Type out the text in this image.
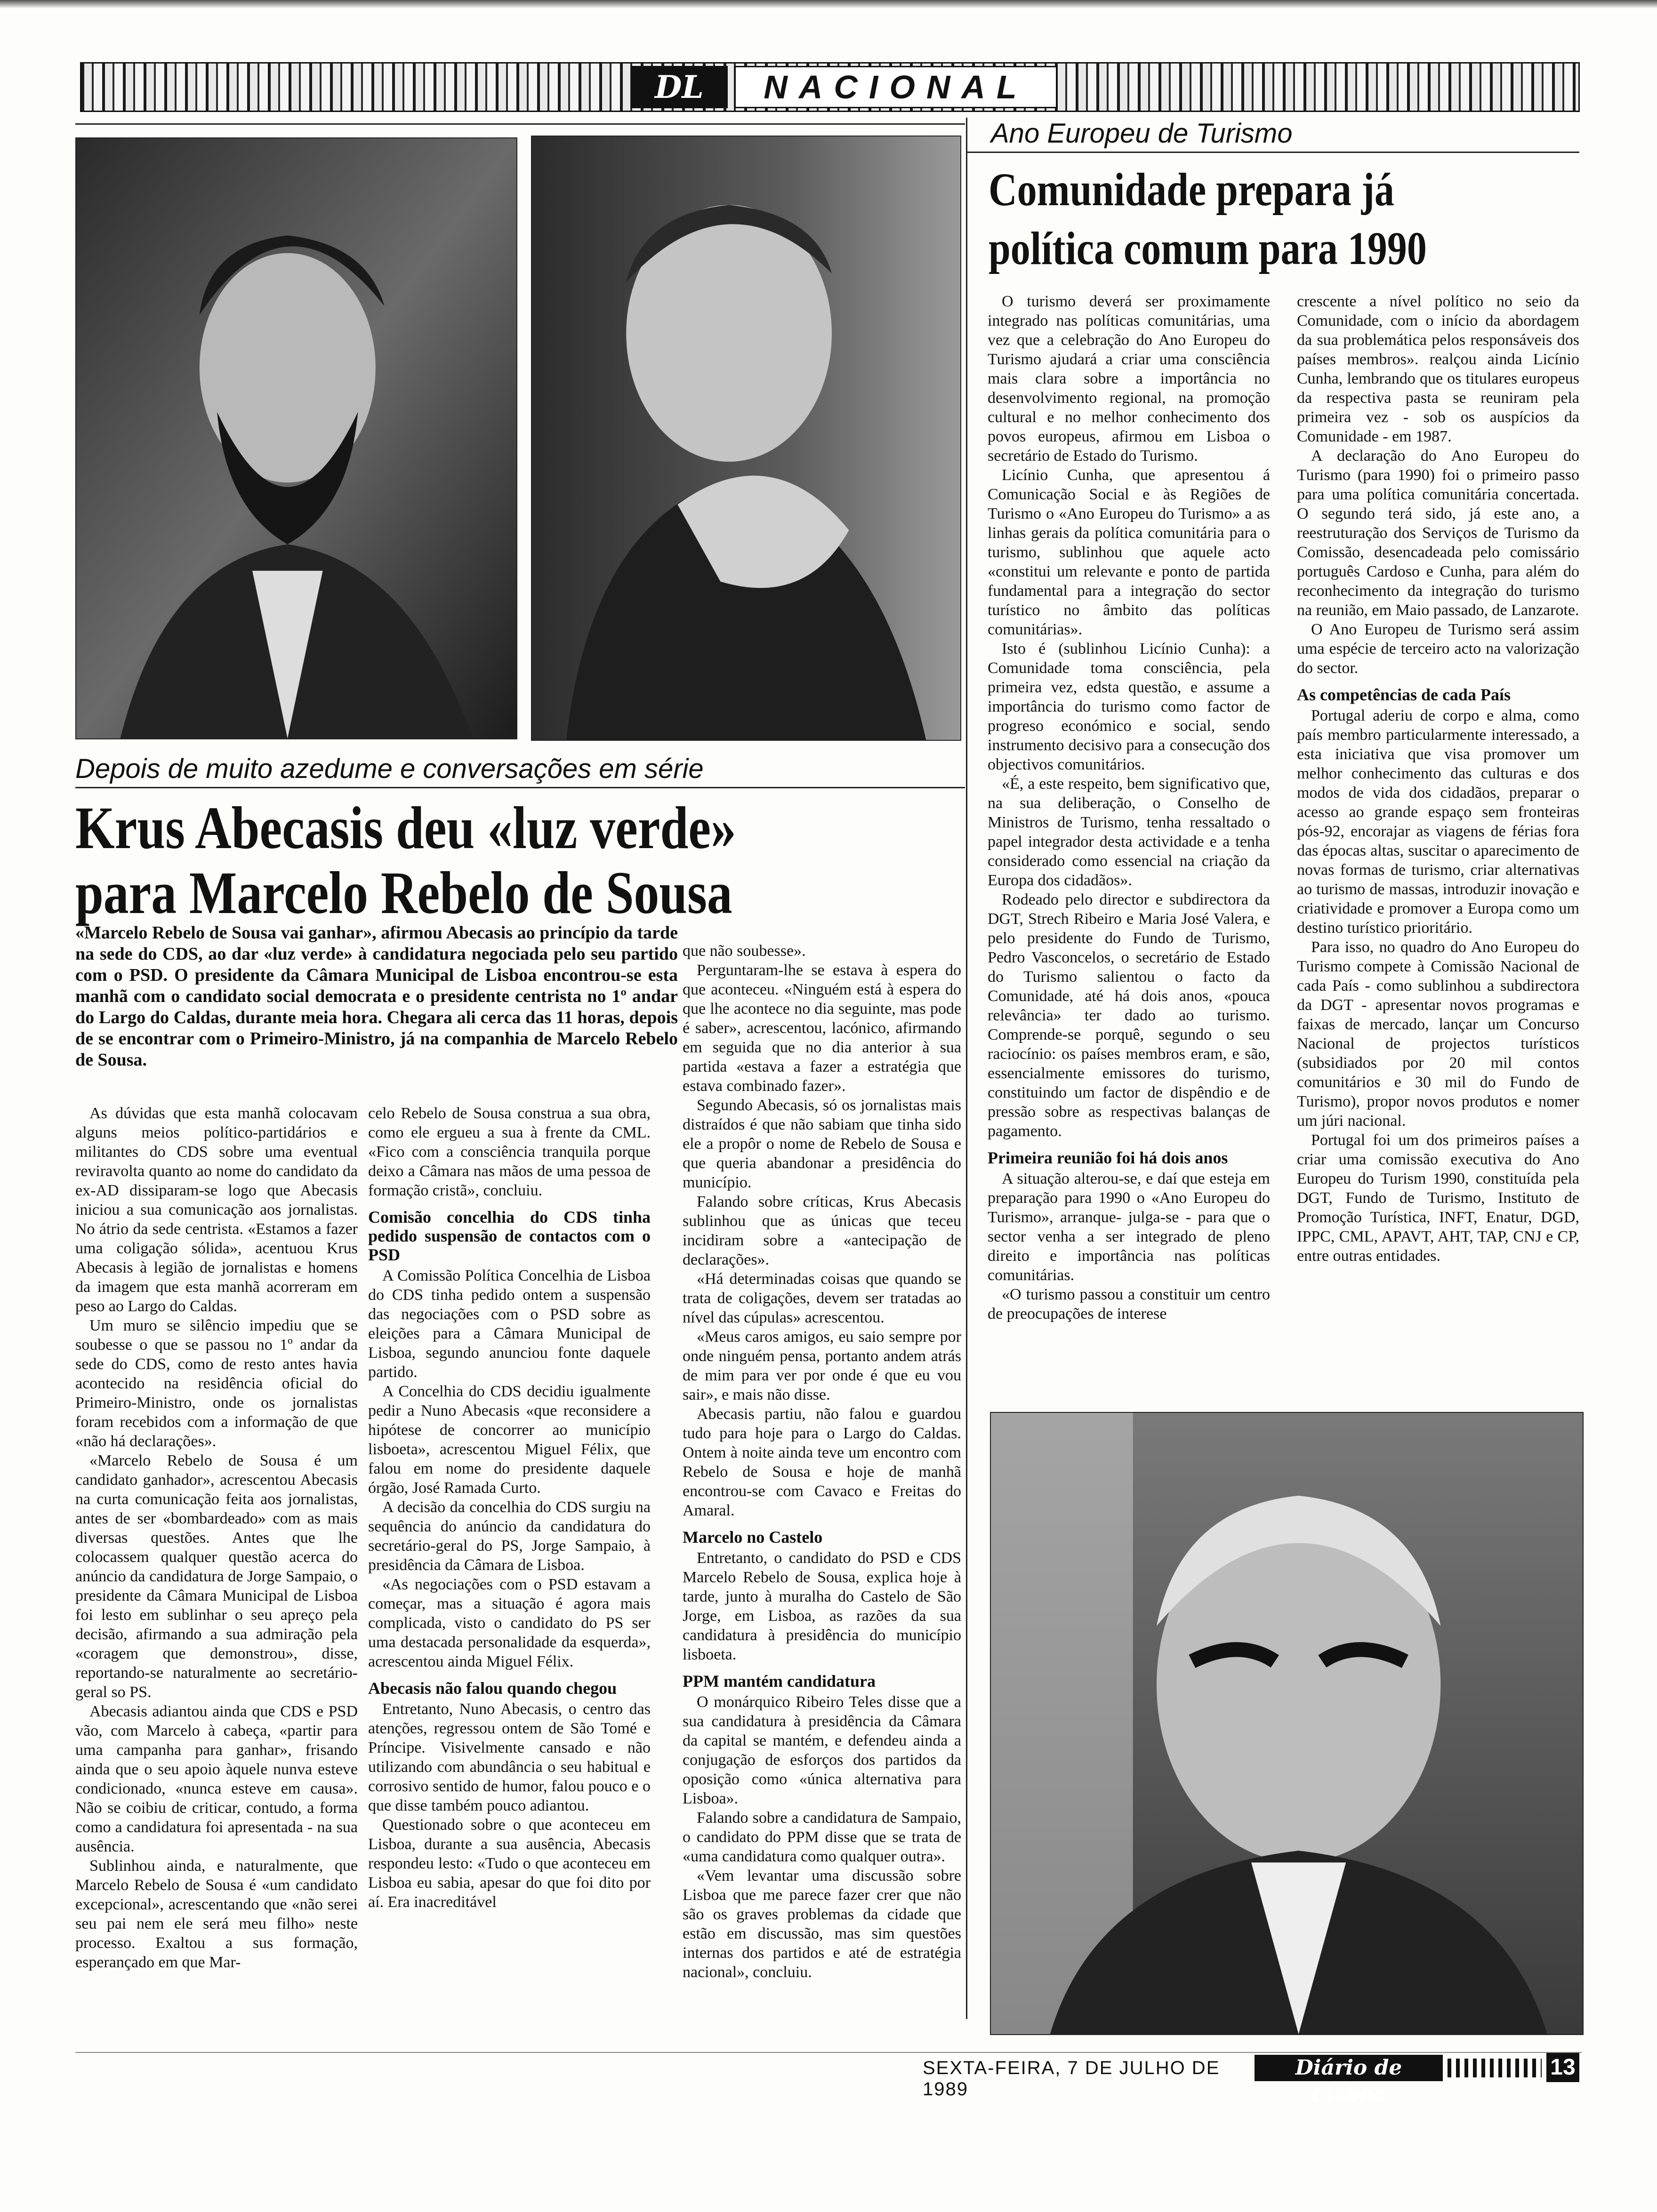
DL	NACIONAL
Depois de muito azedume e conversações em série
Krus Abecasis deu «luz verde»
para Marcelo Rebelo de Sousa
«Marcelo Rebelo de Sousa vai ganhar», afirmou Abecasis ao princípio da tarde na sede do CDS, ao dar «luz verde» à candidatura negociada pelo seu partido com o PSD. O presidente da Câmara Municipal de Lisboa encontrou-se esta manhã com o candidato social democrata e o presidente centrista no 1º andar do Largo do Caldas, durante meia hora. Chegara ali cerca das 11 horas, depois de se encontrar com o Primeiro-Ministro, já na companhia de Marcelo Rebelo de Sousa.

As dúvidas que esta manhã colocavam alguns meios político-partidários e militantes do CDS sobre uma eventual reviravolta quanto ao nome do candidato da ex-AD dissiparam-se logo que Abecasis iniciou a sua comunicação aos jornalistas. No átrio da sede centrista. «Estamos a fazer uma coligação sólida», acentuou Krus Abecasis à legião de jornalistas e homens da imagem que esta manhã acorreram em peso ao Largo do Caldas.

Um muro se silêncio impediu que se soubesse o que se passou no 1º andar da sede do CDS, como de resto antes havia acontecido na residência oficial do Primeiro-Ministro, onde os jornalistas foram recebidos com a informação de que «não há declarações».

«Marcelo Rebelo de Sousa é um candidato ganhador», acrescentou Abecasis na curta comunicação feita aos jornalistas, antes de ser «bombardeado» com as mais diversas questões. Antes que lhe colocassem qualquer questão acerca do anúncio da candidatura de Jorge Sampaio, o presidente da Câmara Municipal de Lisboa foi lesto em sublinhar o seu apreço pela decisão, afirmando a sua admiração pela «coragem que demonstrou», disse, reportando-se naturalmente ao secretário-geral so PS.

Abecasis adiantou ainda que CDS e PSD vão, com Marcelo à cabeça, «partir para uma campanha para ganhar», frisando ainda que o seu apoio àquele nunva esteve condicionado, «nunca esteve em causa». Não se coibiu de criticar, contudo, a forma como a candidatura foi apresentada - na sua ausência.

Sublinhou ainda, e naturalmente, que Marcelo Rebelo de Sousa é «um candidato excepcional», acrescentando que «não serei seu pai nem ele será meu filho» neste processo. Exaltou a sus formação, esperançado em que Mar-

celo Rebelo de Sousa construa a sua obra, como ele ergueu a sua à frente da CML. «Fico com a consciência tranquila porque deixo a Câmara nas mãos de uma pessoa de formação cristã», concluiu.

Comisão concelhia do CDS tinha pedido suspensão de contactos com o PSD

A Comissão Política Concelhia de Lisboa do CDS tinha pedido ontem a suspensão das negociações com o PSD sobre as eleições para a Câmara Municipal de Lisboa, segundo anunciou fonte daquele partido.

A Concelhia do CDS decidiu igualmente pedir a Nuno Abecasis «que reconsidere a hipótese de concorrer ao município lisboeta», acrescentou Miguel Félix, que falou em nome do presidente daquele órgão, José Ramada Curto.

A decisão da concelhia do CDS surgiu na sequência do anúncio da candidatura do secretário-geral do PS, Jorge Sampaio, à presidência da Câmara de Lisboa.

«As negociações com o PSD estavam a começar, mas a situação é agora mais complicada, visto o candidato do PS ser uma destacada personalidade da esquerda», acrescentou ainda Miguel Félix.

Abecasis não falou quando chegou

Entretanto, Nuno Abecasis, o centro das atenções, regressou ontem de São Tomé e Príncipe. Visivelmente cansado e não utilizando com abundância o seu habitual e corrosivo sentido de humor, falou pouco e o que disse também pouco adiantou.

Questionado sobre o que aconteceu em Lisboa, durante a sua ausência, Abecasis respondeu lesto: «Tudo o que aconteceu em Lisboa eu sabia, apesar do que foi dito por aí. Era inacreditável

que não soubesse».

Perguntaram-lhe se estava à espera do que aconteceu. «Ninguém está à espera do que lhe acontece no dia seguinte, mas pode é saber», acrescentou, lacónico, afirmando em seguida que no dia anterior à sua partida «estava a fazer a estratégia que estava combinado fazer».

Segundo Abecasis, só os jornalistas mais distraídos é que não sabiam que tinha sido ele a propôr o nome de Rebelo de Sousa e que queria abandonar a presidência do município.

Falando sobre críticas, Krus Abecasis sublinhou que as únicas que teceu incidiram sobre a «antecipação de declarações».

«Há determinadas coisas que quando se trata de coligações, devem ser tratadas ao nível das cúpulas» acrescentou.

«Meus caros amigos, eu saio sempre por onde ninguém pensa, portanto andem atrás de mim para ver por onde é que eu vou sair», e mais não disse.

Abecasis partiu, não falou e guardou tudo para hoje para o Largo do Caldas. Ontem à noite ainda teve um encontro com Rebelo de Sousa e hoje de manhã encontrou-se com Cavaco e Freitas do Amaral.

Marcelo no Castelo

Entretanto, o candidato do PSD e CDS Marcelo Rebelo de Sousa, explica hoje à tarde, junto à muralha do Castelo de São Jorge, em Lisboa, as razões da sua candidatura à presidência do município lisboeta.

PPM mantém candidatura

O monárquico Ribeiro Teles disse que a sua candidatura à presidência da Câmara da capital se mantém, e defendeu ainda a conjugação de esforços dos partidos da oposição como «única alternativa para Lisboa».

Falando sobre a candidatura de Sampaio, o candidato do PPM disse que se trata de «uma candidatura como qualquer outra».

«Vem levantar uma discussão sobre Lisboa que me parece fazer crer que não são os graves problemas da cidade que estão em discussão, mas sim questões internas dos partidos e até de estratégia nacional», concluiu.

Ano Europeu de Turismo
Comunidade prepara já
política comum para 1990

O turismo deverá ser proximamente integrado nas políticas comunitárias, uma vez que a celebração do Ano Europeu do Turismo ajudará a criar uma consciência mais clara sobre a importância no desenvolvimento regional, na promoção cultural e no melhor conhecimento dos povos europeus, afirmou em Lisboa o secretário de Estado do Turismo.

Licínio Cunha, que apresentou á Comunicação Social e às Regiões de Turismo o «Ano Europeu do Turismo» a as linhas gerais da política comunitária para o turismo, sublinhou que aquele acto «constitui um relevante e ponto de partida fundamental para a integração do sector turístico no âmbito das políticas comunitárias».

Isto é (sublinhou Licínio Cunha): a Comunidade toma consciência, pela primeira vez, edsta questão, e assume a importância do turismo como factor de progreso económico e social, sendo instrumento decisivo para a consecução dos objectivos comunitários.

«É, a este respeito, bem significativo que, na sua deliberação, o Conselho de Ministros de Turismo, tenha ressaltado o papel integrador desta actividade e a tenha considerado como essencial na criação da Europa dos cidadãos».

Rodeado pelo director e subdirectora da DGT, Strech Ribeiro e Maria José Valera, e pelo presidente do Fundo de Turismo, Pedro Vasconcelos, o secretário de Estado do Turismo salientou o facto da Comunidade, até há dois anos, «pouca relevância» ter dado ao turismo. Comprende-se porquê, segundo o seu raciocínio: os países membros eram, e são, essencialmente emissores do turismo, constituindo um factor de dispêndio e de pressão sobre as respectivas balanças de pagamento.

Primeira reunião foi há dois anos

A situação alterou-se, e daí que esteja em preparação para 1990 o «Ano Europeu do Turismo», arranque- julga-se - para que o sector venha a ser integrado de pleno direito e importância nas políticas comunitárias.

«O turismo passou a constituir um centro de preocupações de interese

crescente a nível político no seio da Comunidade, com o início da abordagem da sua problemática pelos responsáveis dos países membros». realçou ainda Licínio Cunha, lembrando que os titulares europeus da respectiva pasta se reuniram pela primeira vez - sob os auspícios da Comunidade - em 1987.

A declaração do Ano Europeu do Turismo (para 1990) foi o primeiro passo para uma política comunitária concertada. O segundo terá sido, já este ano, a reestruturação dos Serviços de Turismo da Comissão, desencadeada pelo comissário português Cardoso e Cunha, para além do reconhecimento da integração do turismo na reunião, em Maio passado, de Lanzarote.

O Ano Europeu de Turismo será assim uma espécie de terceiro acto na valorização do sector.

As competências de cada País

Portugal aderiu de corpo e alma, como país membro particularmente interessado, a esta iniciativa que visa promover um melhor conhecimento das culturas e dos modos de vida dos cidadãos, preparar o acesso ao grande espaço sem fronteiras pós-92, encorajar as viagens de férias fora das épocas altas, suscitar o aparecimento de novas formas de turismo, criar alternativas ao turismo de massas, introduzir inovação e criatividade e promover a Europa como um destino turístico prioritário.

Para isso, no quadro do Ano Europeu do Turismo compete à Comissão Nacional de cada País - como sublinhou a subdirectora da DGT - apresentar novos programas e faixas de mercado, lançar um Concurso Nacional de projectos turísticos (subsidiados por 20 mil contos comunitários e 30 mil do Fundo de Turismo), propor novos produtos e nomer um júri nacional.

Portugal foi um dos primeiros países a criar uma comissão executiva do Ano Europeu do Turism 1990, constituída pela DGT, Fundo de Turismo, Instituto de Promoção Turística, INFT, Enatur, DGD, IPPC, CML, APAVT, AHT, TAP, CNJ e CP, entre outras entidades.

SEXTA-FEIRA, 7 DE JULHO DE 1989
Diário de Lisboa
13
